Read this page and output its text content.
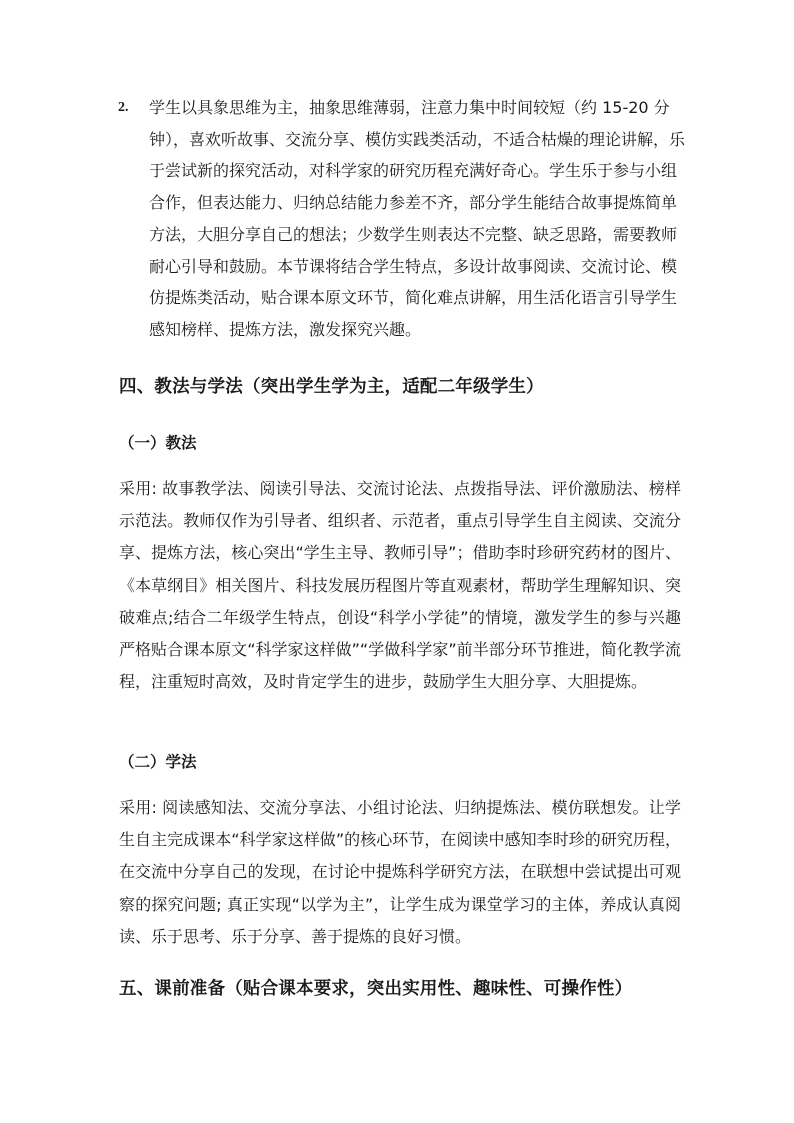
2. 学生以具象思维为主，抽象思维薄弱，注意力集中时间较短（约 15-20 分钟），喜欢听故事、交流分享、模仿实践类活动，不适合枯燥的理论讲解，乐于尝试新的探究活动，对科学家的研究历程充满好奇心。学生乐于参与小组合作，但表达能力、归纳总结能力参差不齐，部分学生能结合故事提炼简单方法，大胆分享自己的想法；少数学生则表达不完整、缺乏思路，需要教师耐心引导和鼓励。本节课将结合学生特点，多设计故事阅读、交流讨论、模仿提炼类活动，贴合课本原文环节，简化难点讲解，用生活化语言引导学生感知榜样、提炼方法，激发探究兴趣。
四、教法与学法（突出学生学为主，适配二年级学生）
（一）教法
采用: 故事教学法、阅读引导法、交流讨论法、点拨指导法、评价激励法、榜样示范法。教师仅作为引导者、组织者、示范者，重点引导学生自主阅读、交流分享、提炼方法，核心突出“学生主导、教师引导”；借助李时珍研究药材的图片、《本草纲目》相关图片、科技发展历程图片等直观素材，帮助学生理解知识、突破难点;结合二年级学生特点，创设“科学小学徒”的情境，激发学生的参与兴趣 严格贴合课本原文“科学家这样做”“学做科学家”前半部分环节推进，简化教学流程，注重短时高效，及时肯定学生的进步，鼓励学生大胆分享、大胆提炼。
（二）学法
采用: 阅读感知法、交流分享法、小组讨论法、归纳提炼法、模仿联想发。让学生自主完成课本“科学家这样做”的核心环节，在阅读中感知李时珍的研究历程，在交流中分享自己的发现，在讨论中提炼科学研究方法，在联想中尝试提出可观察的探究问题; 真正实现“以学为主”，让学生成为课堂学习的主体，养成认真阅读、乐于思考、乐于分享、善于提炼的良好习惯。
五、课前准备（贴合课本要求，突出实用性、趣味性、可操作性）
